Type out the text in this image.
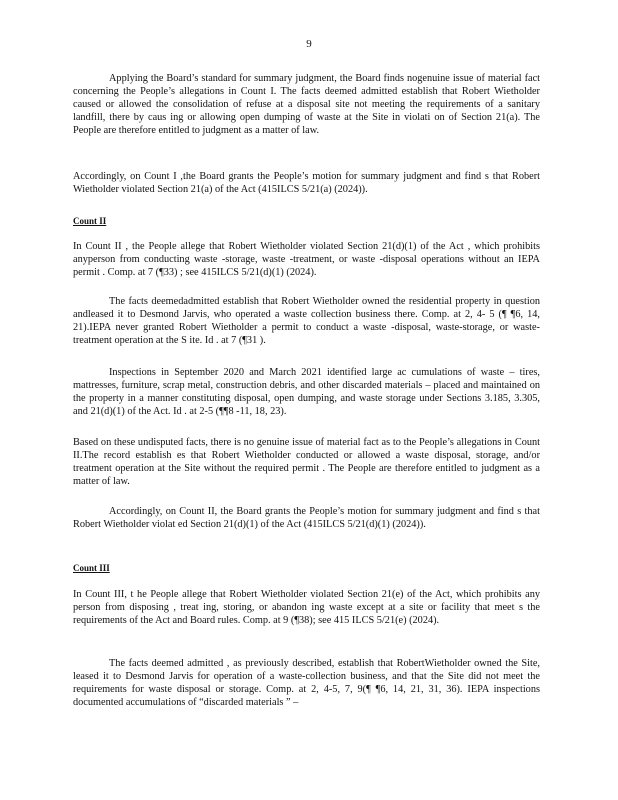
9

Applying the Board’s standard for summary judgment, the Board finds nogenuine issue of material fact concerning the People’s allegations in Count I. The facts deemed admitted establish that Robert Wietholder caused or allowed the consolidation of refuse at a disposal site not meeting the requirements of a sanitary landfill, there by caus ing or allowing open dumping of waste at the Site in violati on of Section 21(a). The People are therefore entitled to judgment as a matter of law.

Accordingly, on Count I ,the Board grants the People’s motion for summary judgment and find s that Robert Wietholder violated Section 21(a) of the Act (415ILCS 5/21(a) (2024)).

Count II

In Count II , the People allege that Robert Wietholder violated Section 21(d)(1) of the Act , which prohibits anyperson from conducting waste -storage, waste -treatment, or waste -disposal operations without an IEPA permit . Comp. at 7 (¶33) ; see 415ILCS 5/21(d)(1) (2024).

The facts deemedadmitted establish that Robert Wietholder owned the residential property in question andleased it to Desmond Jarvis, who operated a waste collection business there. Comp. at 2, 4- 5 (¶ ¶6, 14, 21).IEPA never granted Robert Wietholder a permit to conduct a waste -disposal, waste-storage, or waste- treatment operation at the S ite. Id . at 7 (¶31 ).

Inspections in September 2020 and March 2021 identified large ac cumulations of waste – tires, mattresses, furniture, scrap metal, construction debris, and other discarded materials – placed and maintained on the property in a manner constituting disposal, open dumping, and waste storage under Sections 3.185, 3.305, and 21(d)(1) of the Act. Id . at 2-5 (¶¶8 -11, 18, 23).

Based on these undisputed facts, there is no genuine issue of material fact as to the People’s allegations in Count II.The record establish es that Robert Wietholder conducted or allowed a waste disposal, storage, and/or treatment operation at the Site without the required permit . The People are therefore entitled to judgment as a matter of law.

Accordingly, on Count II, the Board grants the People’s motion for summary judgment and find s that Robert Wietholder violat ed Section 21(d)(1) of the Act (415ILCS 5/21(d)(1) (2024)).

Count III

In Count III, t he People allege that Robert Wietholder violated Section 21(e) of the Act, which prohibits any person from disposing , treat ing, storing, or abandon ing waste except at a site or facility that meet s the requirements of the Act and Board rules. Comp. at 9 (¶38); see 415 ILCS 5/21(e) (2024).

The facts deemed admitted , as previously described, establish that RobertWietholder owned the Site, leased it to Desmond Jarvis for operation of a waste-collection business, and that the Site did not meet the requirements for waste disposal or storage. Comp. at 2, 4-5, 7, 9(¶ ¶6, 14, 21, 31, 36). IEPA inspections documented accumulations of “discarded materials ” –
